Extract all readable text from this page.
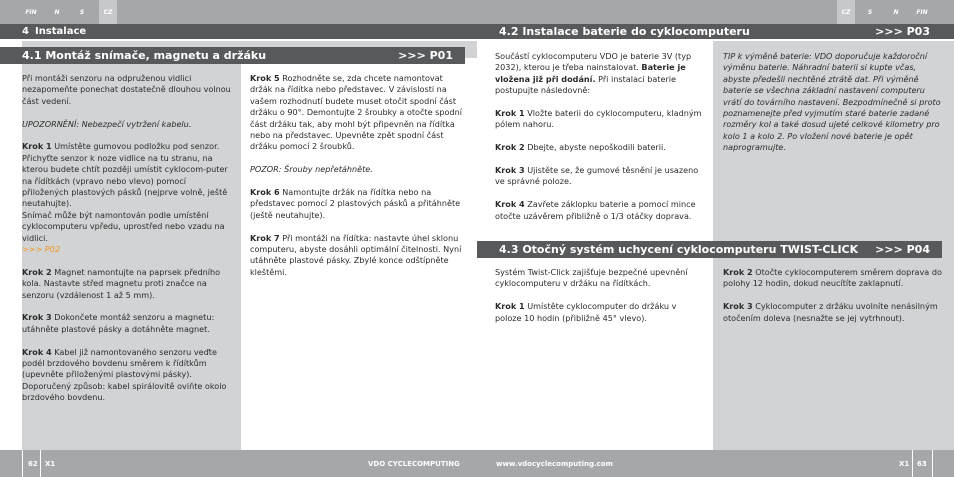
FIN	N	S	CZ	CZ	S	N	FIN
4 Instalace
4.1 Montáž snímače, magnetu a držáku	>>> P01
4.2 Instalace baterie do cyklocomputeru	>>> P03

Při montáži senzoru na odpruženou vidlici nezapomeňte ponechat dostatečně dlouhou volnou část vedení.

UPOZORNĚNÍ: Nebezpečí vytržení kabelu.

Krok 1 Umístěte gumovou podložku pod senzor. Přichyťte senzor k noze vidlice na tu stranu, na kterou budete chtít později umístit cyklocom-puter na řídítkách (vpravo nebo vlevo) pomocí přiložených plastových pásků (nejprve volně, ještě neutahujte).

Snímač může být namontován podle umístění cyklocomputeru vpředu, uprostřed nebo vzadu na vidlici.

>>> P02

Krok 2 Magnet namontujte na paprsek předního kola. Nastavte střed magnetu proti značce na senzoru (vzdálenost 1 až 5 mm).

Krok 3 Dokončete montáž senzoru a magnetu: utáhněte plastové pásky a dotáhněte magnet.

Krok 4 Kabel již namontovaného senzoru veďte podél brzdového bovdenu směrem k řídítkům (upevněte přiloženými plastovými pásky). Doporučený způsob: kabel spirálovitě oviňte okolo brzdového bovdenu.

Krok 5 Rozhodněte se, zda chcete namontovat držák na řídítka nebo představec. V závislosti na vašem rozhodnutí budete muset otočit spodní část držáku o 90°. Demontujte 2 šroubky a otočte spodní část držáku tak, aby mohl být připevněn na řídítka nebo na představec. Upevněte zpět spodní část držáku pomocí 2 šroubků.

POZOR: Šrouby nepřetáhněte.

Krok 6 Namontujte držák na řídítka nebo na představec pomocí 2 plastových pásků a přitáhněte (ještě neutahujte).

Krok 7 Při montáži na řídítka: nastavte úhel sklonu computeru, abyste dosáhli optimální čitelnosti. Nyní utáhněte plastové pásky. Zbylé konce odštípněte kleštěmi.

Součástí cyklocomputeru VDO je baterie 3V (typ 2032), kterou je třeba nainstalovat. Baterie je vložena již při dodání. Při instalaci baterie postupujte následovně:

Krok 1 Vložte baterii do cyklocomputeru, kladným pólem nahoru.

Krok 2 Dbejte, abyste nepoškodili baterii.

Krok 3 Ujistěte se, že gumové těsnění je usazeno ve správné poloze.

Krok 4 Zavřete záklopku baterie a pomocí mince otočte uzávěrem přibližně o 1/3 otáčky doprava.

TIP k výměně baterie: VDO doporučuje každoroční výměnu baterie. Náhradní baterii si kupte včas, abyste předešli nechtěné ztrátě dat. Při výměně baterie se všechna základní nastavení computeru vrátí do továrního nastavení. Bezpodmínečně si proto poznamenejte před vyjmutím staré baterie zadané rozměry kol a také dosud ujeté celkové kilometry pro kolo 1 a kolo 2. Po vložení nové baterie je opět naprogramujte.

4.3 Otočný systém uchycení cyklocomputeru TWIST-CLICK >>> P04

Systém Twist-Click zajišťuje bezpečné upevnění cyklocomputeru v držáku na řídítkách.

Krok 1 Umístěte cyklocomputer do držáku v poloze 10 hodin (přibližně 45° vlevo).

Krok 2 Otočte cyklocomputerem směrem doprava do polohy 12 hodin, dokud neucítíte zaklapnutí.

Krok 3 Cyklocomputer z držáku uvolníte nenásilným otočením doleva (nesnažte se jej vytrhnout).

62 X1	VDO CYCLECOMPUTING	www.vdocyclecomputing.com	X1 63
